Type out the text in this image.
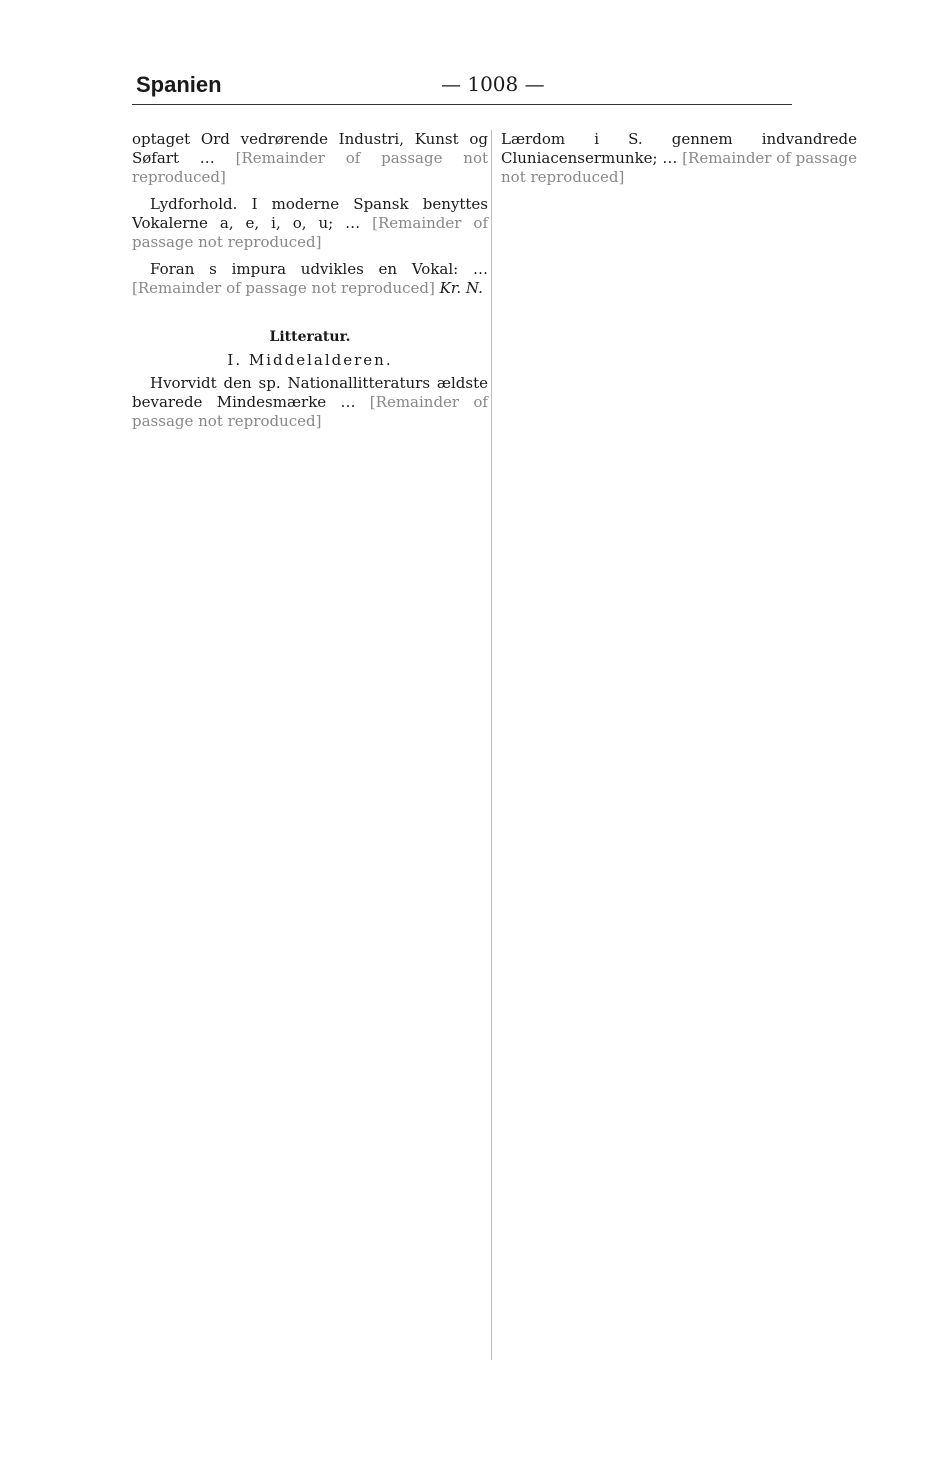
Spanien	— 1008 —

optaget Ord vedrørende Industri, Kunst og Søfart … [Remainder of passage not reproduced]

Lydforhold. I moderne Spansk benyttes Vokalerne a, e, i, o, u; … [Remainder of passage not reproduced]

Foran s impura udvikles en Vokal: … [Remainder of passage not reproduced] Kr. N.

Litteratur.
I. Middelalderen.

Hvorvidt den sp. Nationallitteraturs ældste bevarede Mindesmærke … [Remainder of passage not reproduced]

Lærdom i S. gennem indvandrede Cluniacensermunke; … [Remainder of passage not reproduced]
